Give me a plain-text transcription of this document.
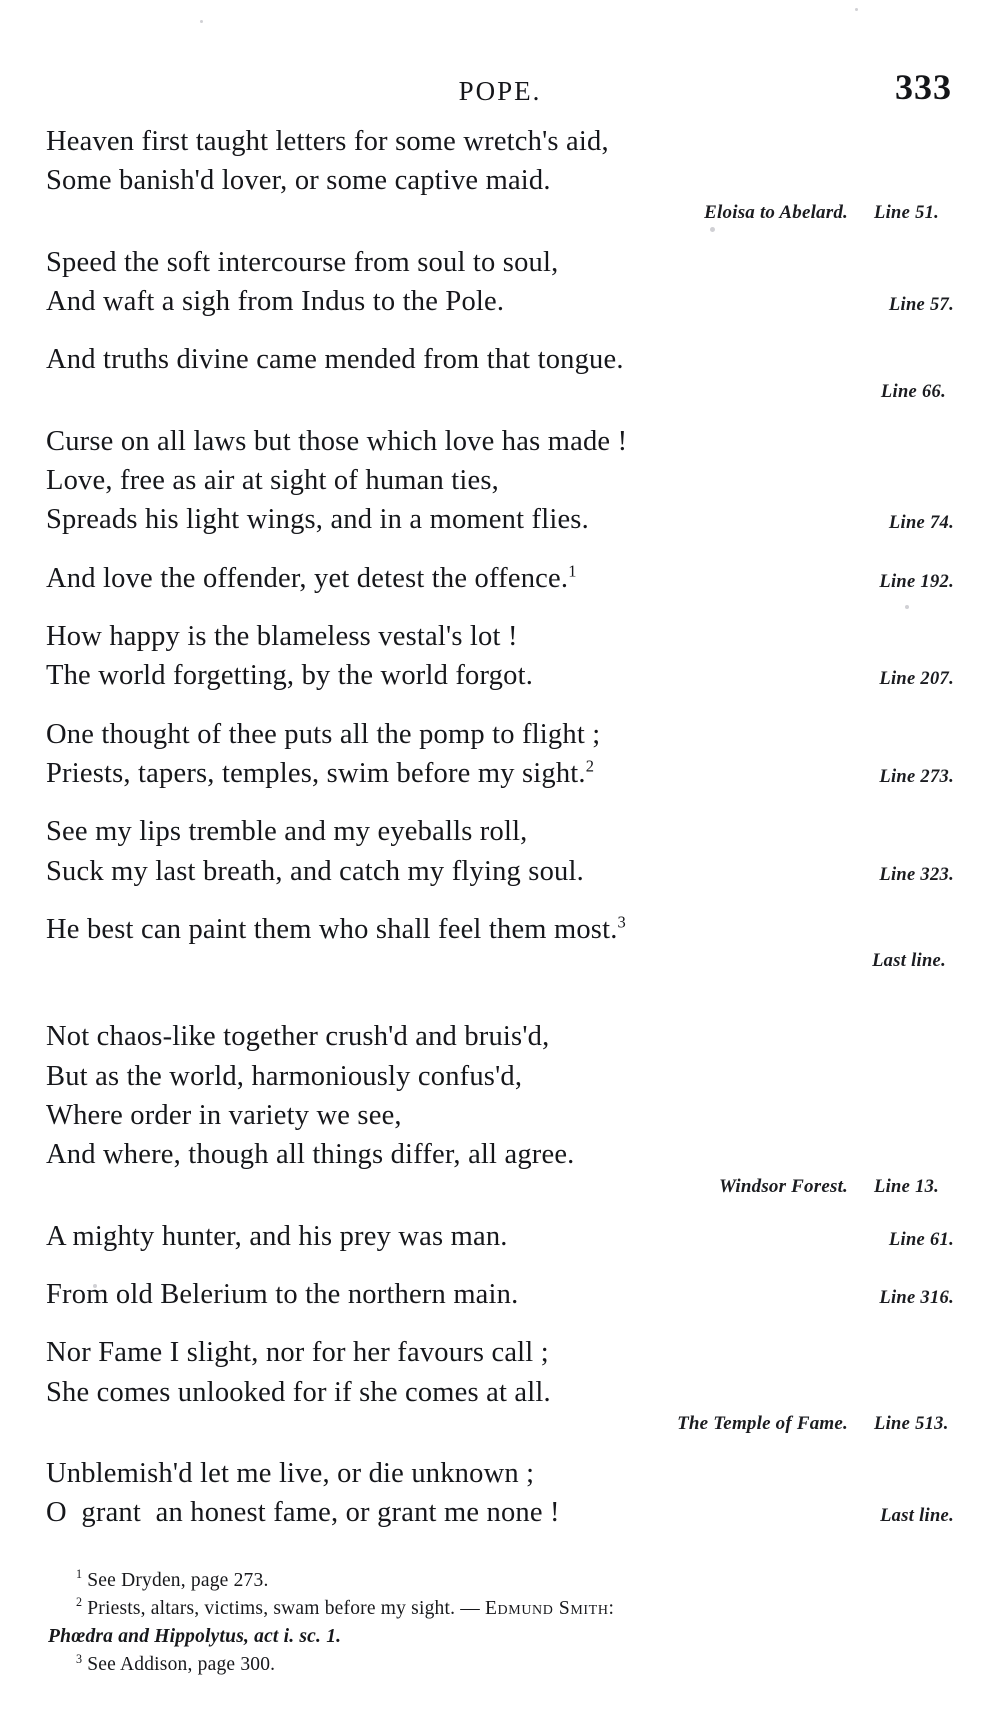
POPE.	333
Heaven first taught letters for some wretch's aid,
Some banish'd lover, or some captive maid.
Eloisa to Abelard. Line 51.
Speed the soft intercourse from soul to soul,
And waft a sigh from Indus to the Pole.	Line 57.
And truths divine came mended from that tongue.
Line 66.
Curse on all laws but those which love has made !
Love, free as air at sight of human ties,
Spreads his light wings, and in a moment flies.	Line 74.
And love the offender, yet detest the offence.$^1$
Line 192.
How happy is the blameless vestal's lot !
The world forgetting, by the world forgot.	Line 207.
One thought of thee puts all the pomp to flight ;
Priests, tapers, temples, swim before my sight.$^2$
Line 273.
See my lips tremble and my eyeballs roll,
Suck my last breath, and catch my flying soul.	Line 323.
He best can paint them who shall feel them most.$^3$
Last line.
Not chaos-like together crush'd and bruis'd,
But as the world, harmoniously confus'd,
Where order in variety we see,
And where, though all things differ, all agree.
Windsor Forest. Line 13.
A mighty hunter, and his prey was man.	Line 61.
From old Belerium to the northern main.	Line 316.
Nor Fame I slight, nor for her favours call ;
She comes unlooked for if she comes at all.
The Temple of Fame. Line 513.
Unblemish'd let me live, or die unknown ;
O  grant  an honest fame, or grant me none !	Last line.
$^1$ See Dryden, page 273.
$^2$ Priests, altars, victims, swam before my sight. — Edmund Smith:
Phœdra and Hippolytus, act i. sc. 1.
$^3$ See Addison, page 300.
